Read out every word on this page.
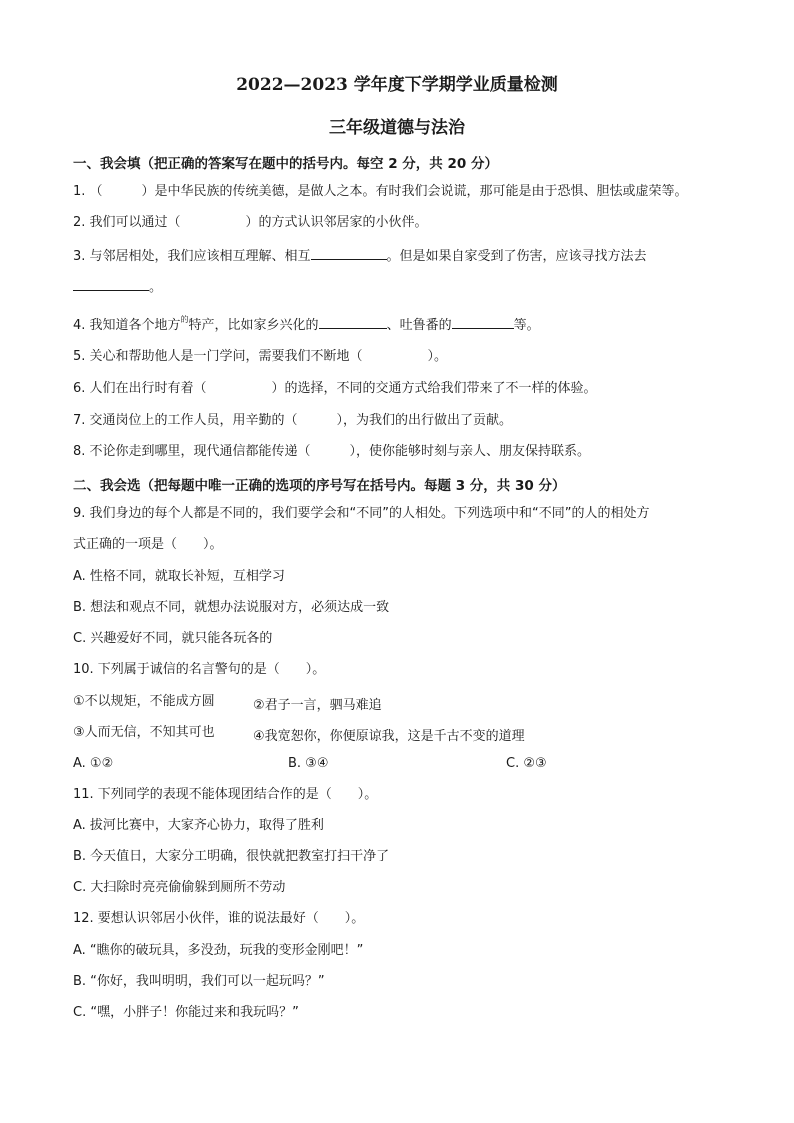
2022—2023 学年度下学期学业质量检测
三年级道德与法治
一、我会填（把正确的答案写在题中的括号内。每空 2 分，共 20 分）
1. （　　　）是中华民族的传统美德，是做人之本。有时我们会说谎，那可能是由于恐惧、胆怯或虚荣等。
2. 我们可以通过（　　　　　）的方式认识邻居家的小伙伴。
3. 与邻居相处，我们应该相互理解、相互	。但是如果自家受到了伤害，应该寻找方法去
。
4. 我知道各个地方$^的$特产，比如家乡兴化的	、吐鲁番的	等。
5. 关心和帮助他人是一门学问，需要我们不断地（　　　　　）。
6. 人们在出行时有着（　　　　　）的选择，不同的交通方式给我们带来了不一样的体验。
7. 交通岗位上的工作人员，用辛勤的（　　　），为我们的出行做出了贡献。
8. 不论你走到哪里，现代通信都能传递（　　　），使你能够时刻与亲人、朋友保持联系。
二、我会选（把每题中唯一正确的选项的序号写在括号内。每题 3 分，共 30 分）
9. 我们身边的每个人都是不同的，我们要学会和“不同”的人相处。下列选项中和“不同”的人的相处方
式正确的一项是（　　）。
A. 性格不同，就取长补短，互相学习
B. 想法和观点不同，就想办法说服对方，必须达成一致
C. 兴趣爱好不同，就只能各玩各的
10. 下列属于诚信的名言警句的是（　　）。
①不以规矩，不能成方圆	②君子一言，驷马难追
③人而无信，不知其可也	④我宽恕你，你便原谅我，这是千古不变的道理
A. ①②	B. ③④	C. ②③
11. 下列同学的表现不能体现团结合作的是（　　）。
A. 拔河比赛中，大家齐心协力，取得了胜利
B. 今天值日，大家分工明确，很快就把教室打扫干净了
C. 大扫除时亮亮偷偷躲到厕所不劳动
12. 要想认识邻居小伙伴，谁的说法最好（　　）。
A. “瞧你的破玩具，多没劲，玩我的变形金刚吧！”
B. “你好，我叫明明，我们可以一起玩吗？”
C. “嘿，小胖子！你能过来和我玩吗？”
